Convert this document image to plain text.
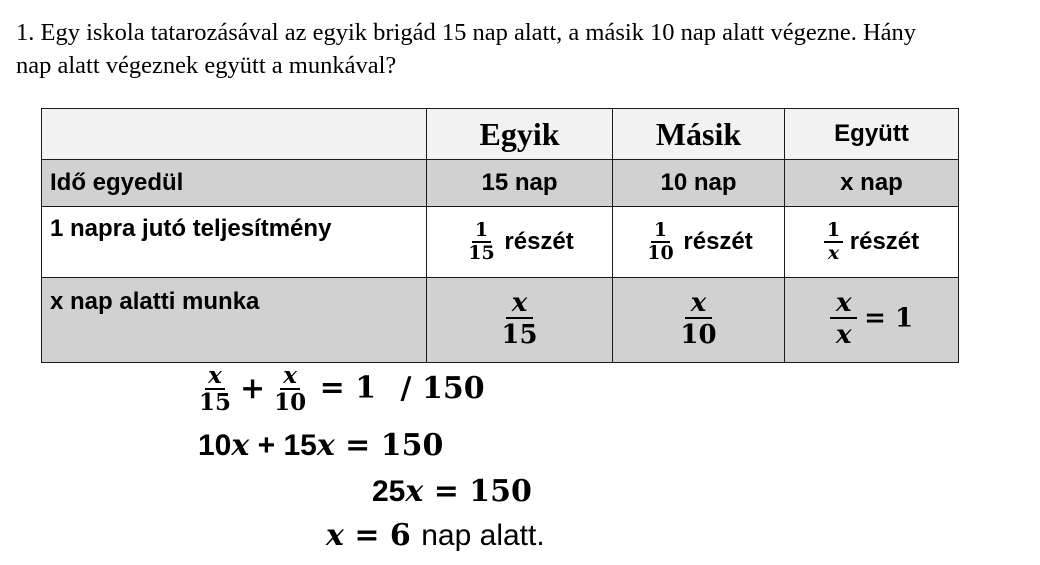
1. Egy iskola tatarozásával az egyik brigád 15 nap alatt, a másik 10 nap alatt végezne. Hány
nap alatt végeznek együtt a munkával?
	Egyik	Másik	Együtt
Idő egyedül	15 nap	10 nap	x nap
1 napra jutó teljesítmény	$\frac{1}{15}$ részét	$\frac{1}{10}$ részét	$\frac{1}{x}$ részét
x nap alatti munka	$\frac{x}{15}$	$\frac{x}{10}$	$\frac{x}{x} = 1$
$\frac{x}{15} + \frac{x}{10} = 1 / 150$
10x + 15x = 150
25x = 150
x = 6 nap alatt.
